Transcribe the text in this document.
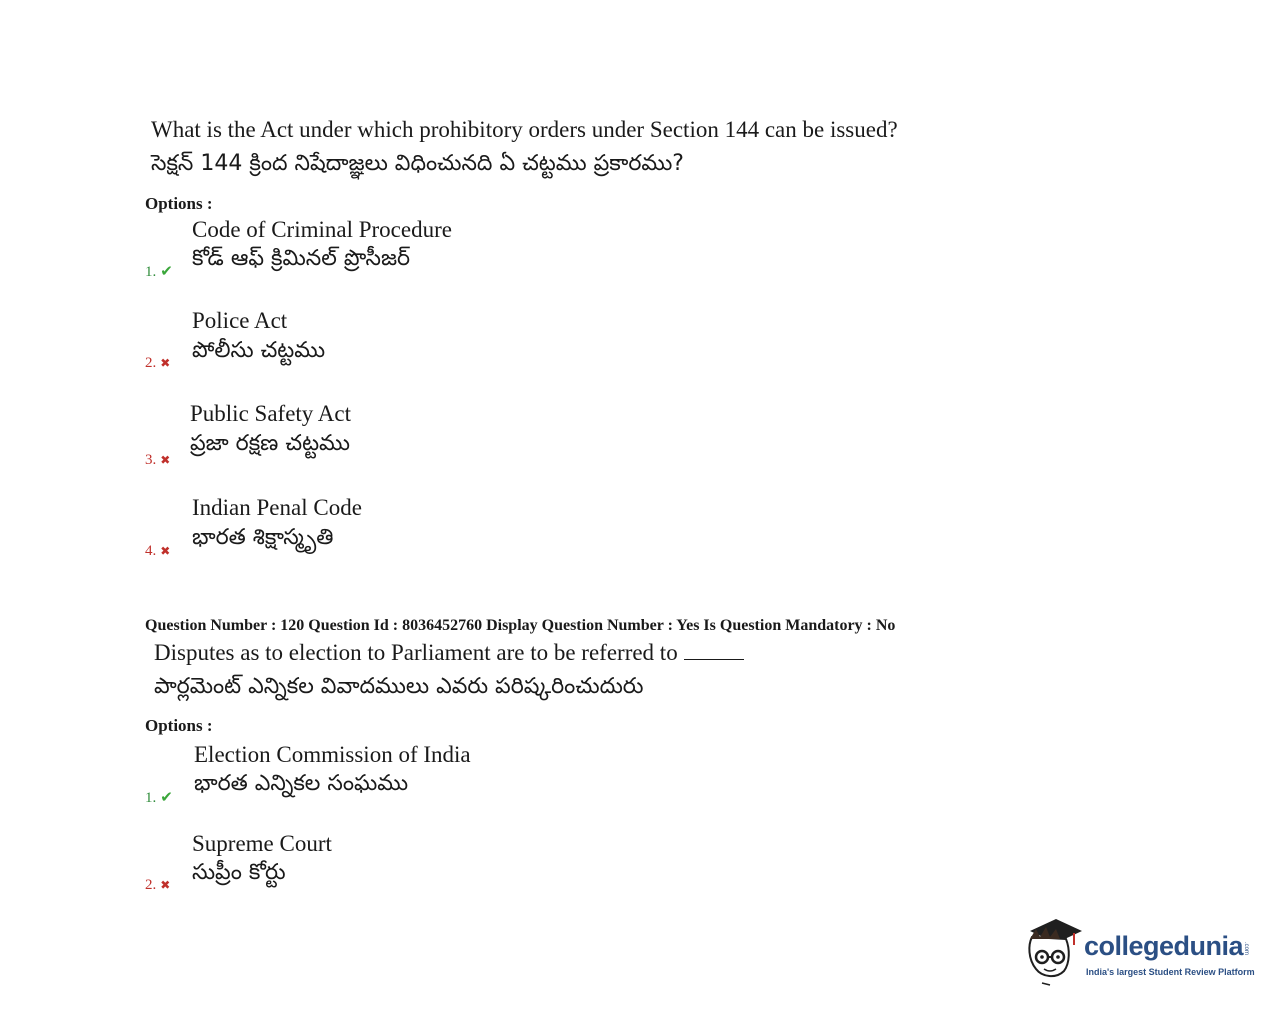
What is the Act under which prohibitory orders under Section 144 can be issued?
సెక్షన్ 144 క్రింద నిషేదాజ్ఞలు విధించునది ఏ చట్టము ప్రకారము?
Options :
Code of Criminal Procedure
కోడ్ ఆఫ్ క్రిమినల్ ప్రొసీజర్
1. ✔
Police Act
పోలీసు చట్టము
2. ✖
Public Safety Act
ప్రజా రక్షణ చట్టము
3. ✖
Indian Penal Code
భారత శిక్షాస్మృతి
4. ✖
Question Number : 120 Question Id : 8036452760 Display Question Number : Yes Is Question Mandatory : No
Disputes as to election to Parliament are to be referred to
పార్లమెంట్ ఎన్నికల వివాదములు ఎవరు పరిష్కరించుదురు
Options :
Election Commission of India
భారత ఎన్నికల సంఘము
1. ✔
Supreme Court
సుప్రీం కోర్టు
2. ✖
collegedunia.com
India's largest Student Review Platform
